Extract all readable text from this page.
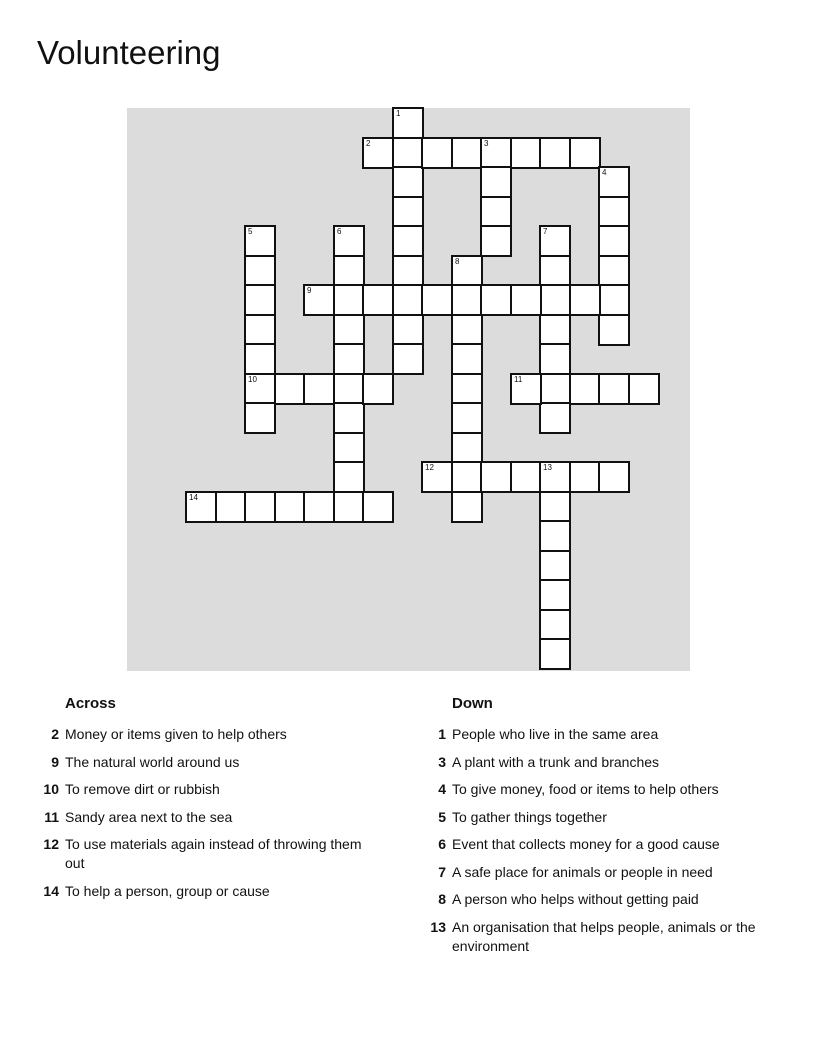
Volunteering
1
2	3
4
5
10
6	7
8
9
11
12	13
14
Across
2 Money or items given to help others
9 The natural world around us
10 To remove dirt or rubbish
11 Sandy area next to the sea
12 To use materials again instead of throwing them out
14 To help a person, group or cause
Down
1 People who live in the same area
3 A plant with a trunk and branches
4 To give money, food or items to help others
5 To gather things together
6 Event that collects money for a good cause
7 A safe place for animals or people in need
8 A person who helps without getting paid
13 An organisation that helps people, animals or the environment
